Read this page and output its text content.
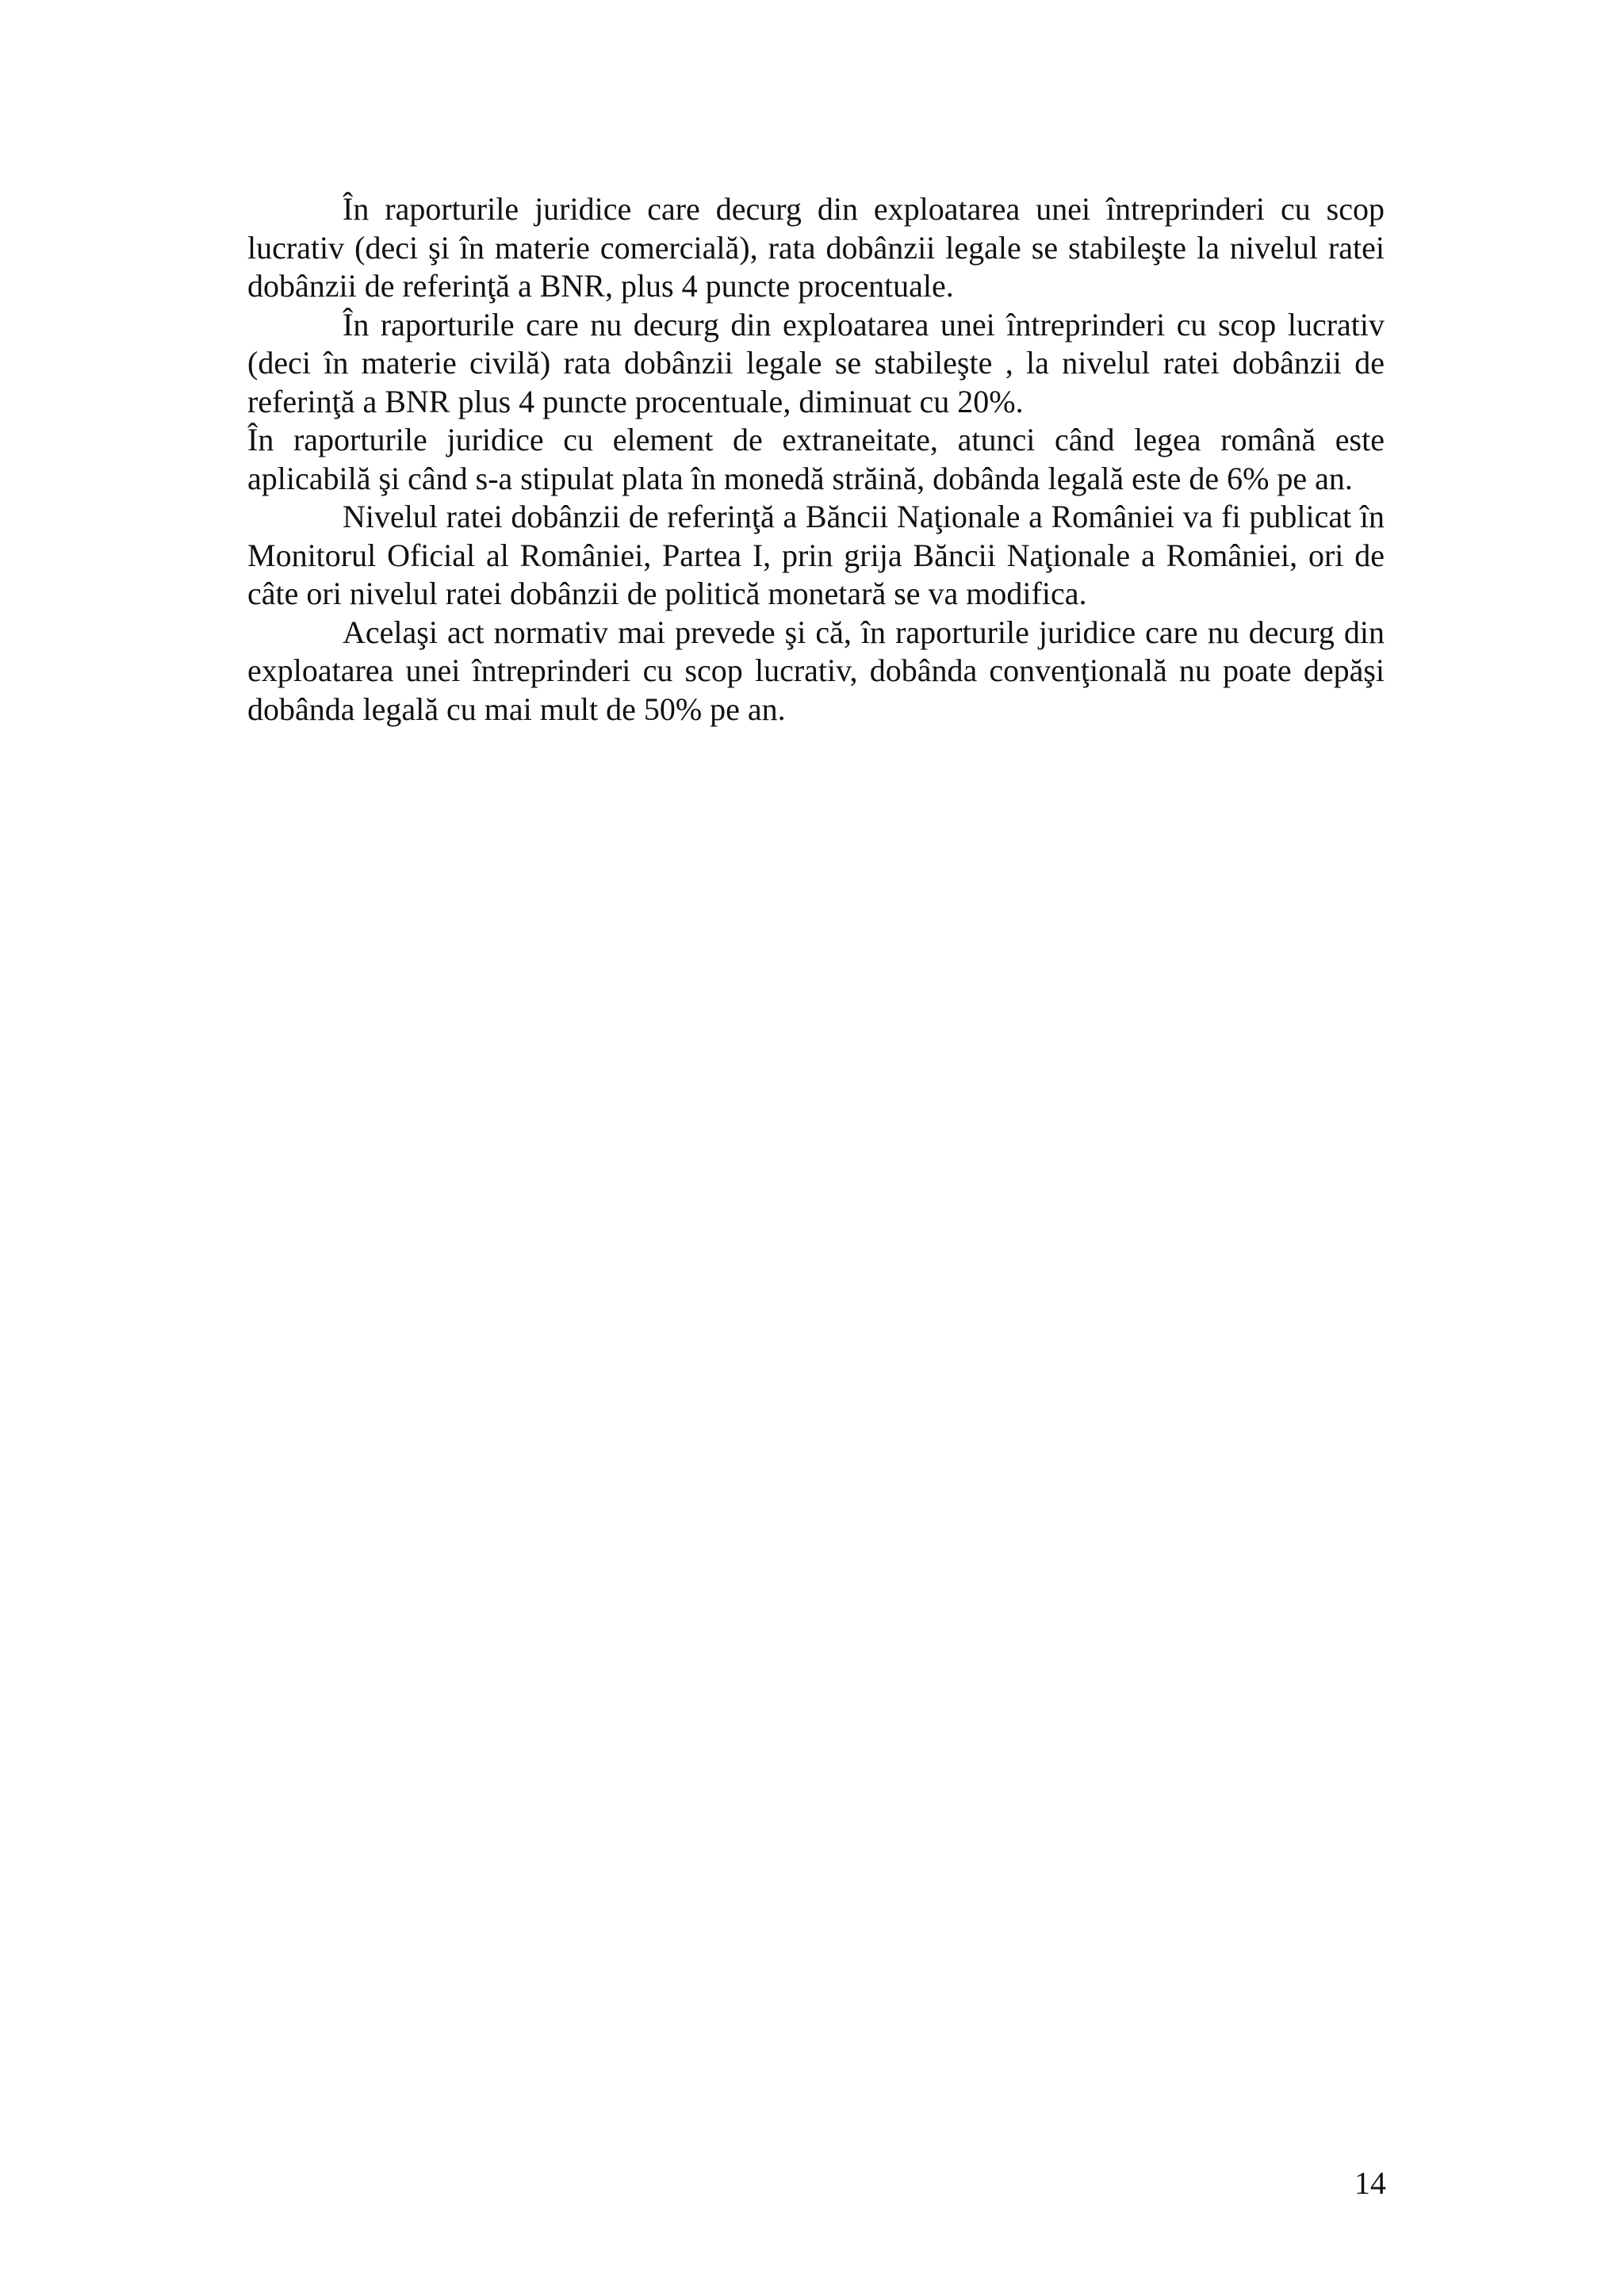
În raporturile juridice care decurg din exploatarea unei întreprinderi cu scop lucrativ (deci şi în materie comercială), rata dobânzii legale se stabileşte la nivelul ratei dobânzii de referinţă a BNR, plus 4 puncte procentuale.

În raporturile care nu decurg din exploatarea unei întreprinderi cu scop lucrativ (deci în materie civilă) rata dobânzii legale se stabileşte , la nivelul ratei dobânzii de referinţă a BNR plus 4 puncte procentuale, diminuat cu 20%.

În raporturile juridice cu element de extraneitate, atunci când legea română este aplicabilă şi când s-a stipulat plata în monedă străină, dobânda legală este de 6% pe an.

Nivelul ratei dobânzii de referinţă a Băncii Naţionale a României va fi publicat în Monitorul Oficial al României, Partea I, prin grija Băncii Naţionale a României, ori de câte ori nivelul ratei dobânzii de politică monetară se va modifica.

Acelaşi act normativ mai prevede şi că, în raporturile juridice care nu decurg din exploatarea unei întreprinderi cu scop lucrativ, dobânda convenţională nu poate depăşi dobânda legală cu mai mult de 50% pe an.

14
